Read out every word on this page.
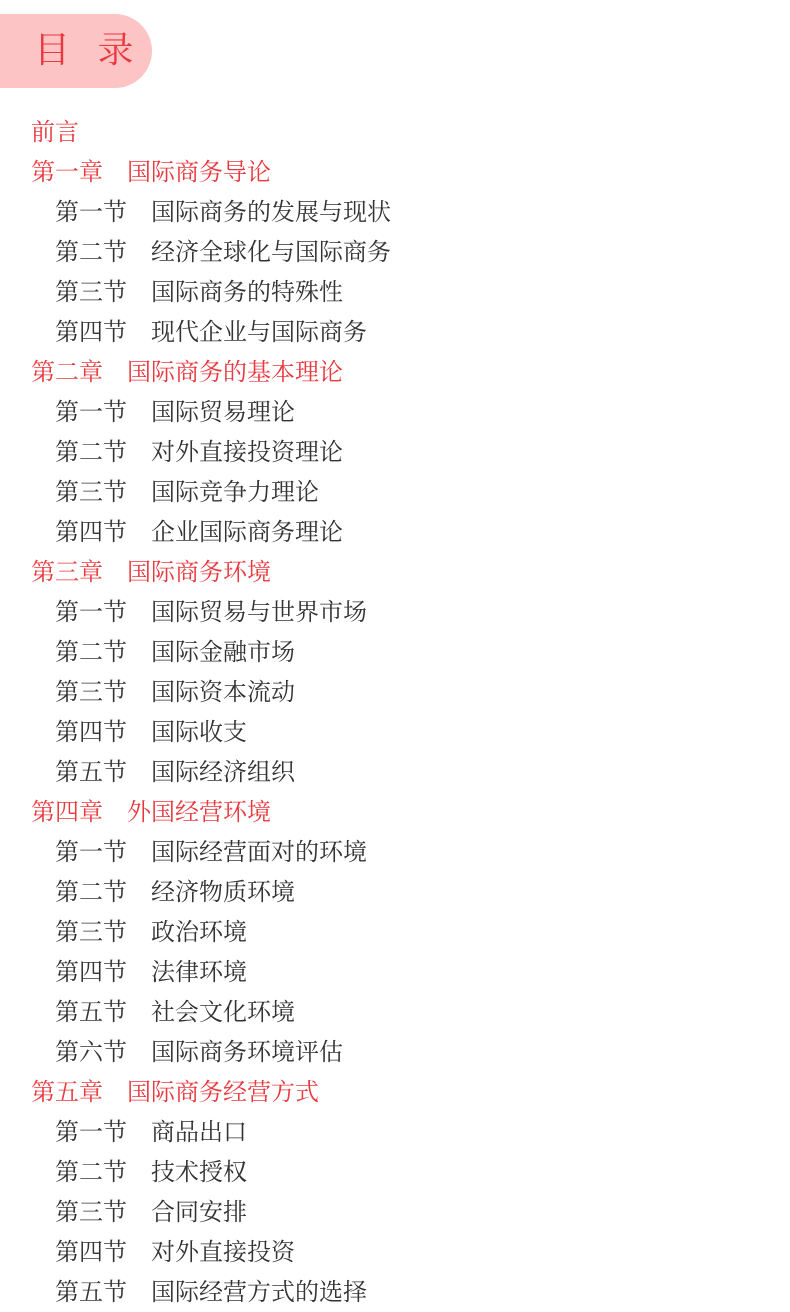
目 录
前言
第一章 国际商务导论
第一节 国际商务的发展与现状
第二节 经济全球化与国际商务
第三节 国际商务的特殊性
第四节 现代企业与国际商务
第二章 国际商务的基本理论
第一节 国际贸易理论
第二节 对外直接投资理论
第三节 国际竞争力理论
第四节 企业国际商务理论
第三章 国际商务环境
第一节 国际贸易与世界市场
第二节 国际金融市场
第三节 国际资本流动
第四节 国际收支
第五节 国际经济组织
第四章 外国经营环境
第一节 国际经营面对的环境
第二节 经济物质环境
第三节 政治环境
第四节 法律环境
第五节 社会文化环境
第六节 国际商务环境评估
第五章 国际商务经营方式
第一节 商品出口
第二节 技术授权
第三节 合同安排
第四节 对外直接投资
第五节 国际经营方式的选择
